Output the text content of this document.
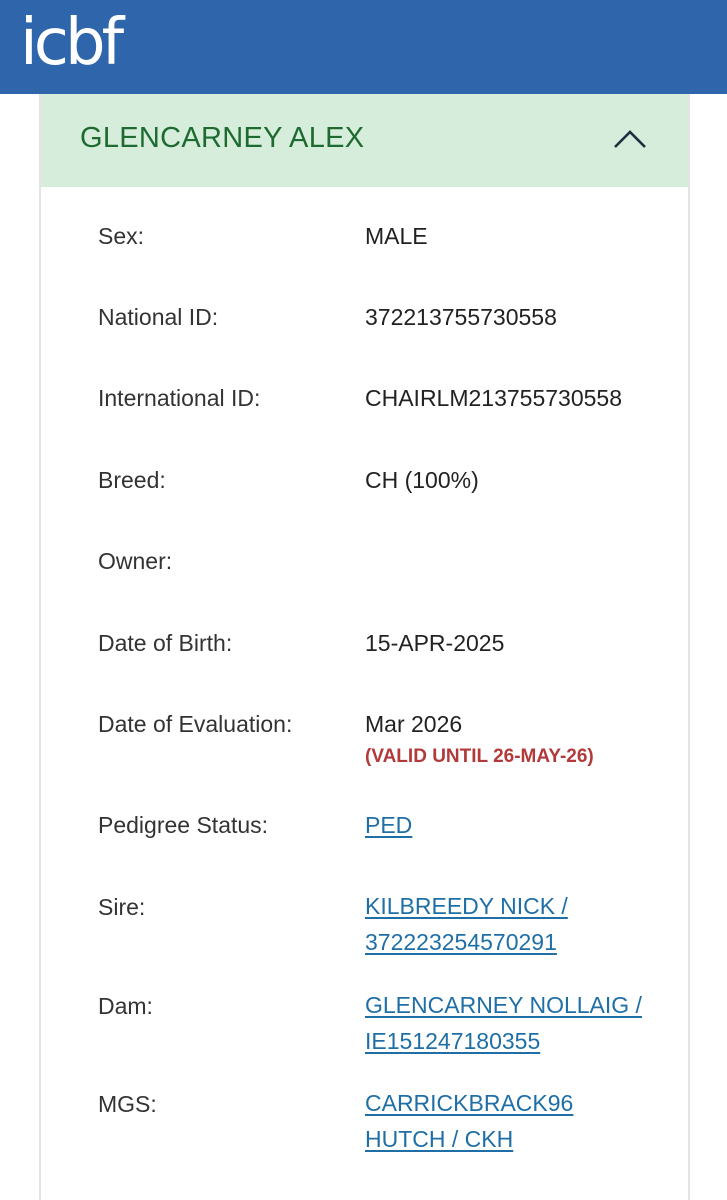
icbf
GLENCARNEY ALEX
Sex:	MALE
National ID:	372213755730558
International ID:	CHAIRLM213755730558
Breed:	CH (100%)
Owner:
Date of Birth:	15-APR-2025
Date of Evaluation:	Mar 2026
(VALID UNTIL 26-MAY-26)
Pedigree Status:	PED
Sire:	KILBREEDY NICK /
372223254570291
Dam:	GLENCARNEY NOLLAIG /
IE151247180355
MGS:	CARRICKBRACK96
HUTCH / CKH
